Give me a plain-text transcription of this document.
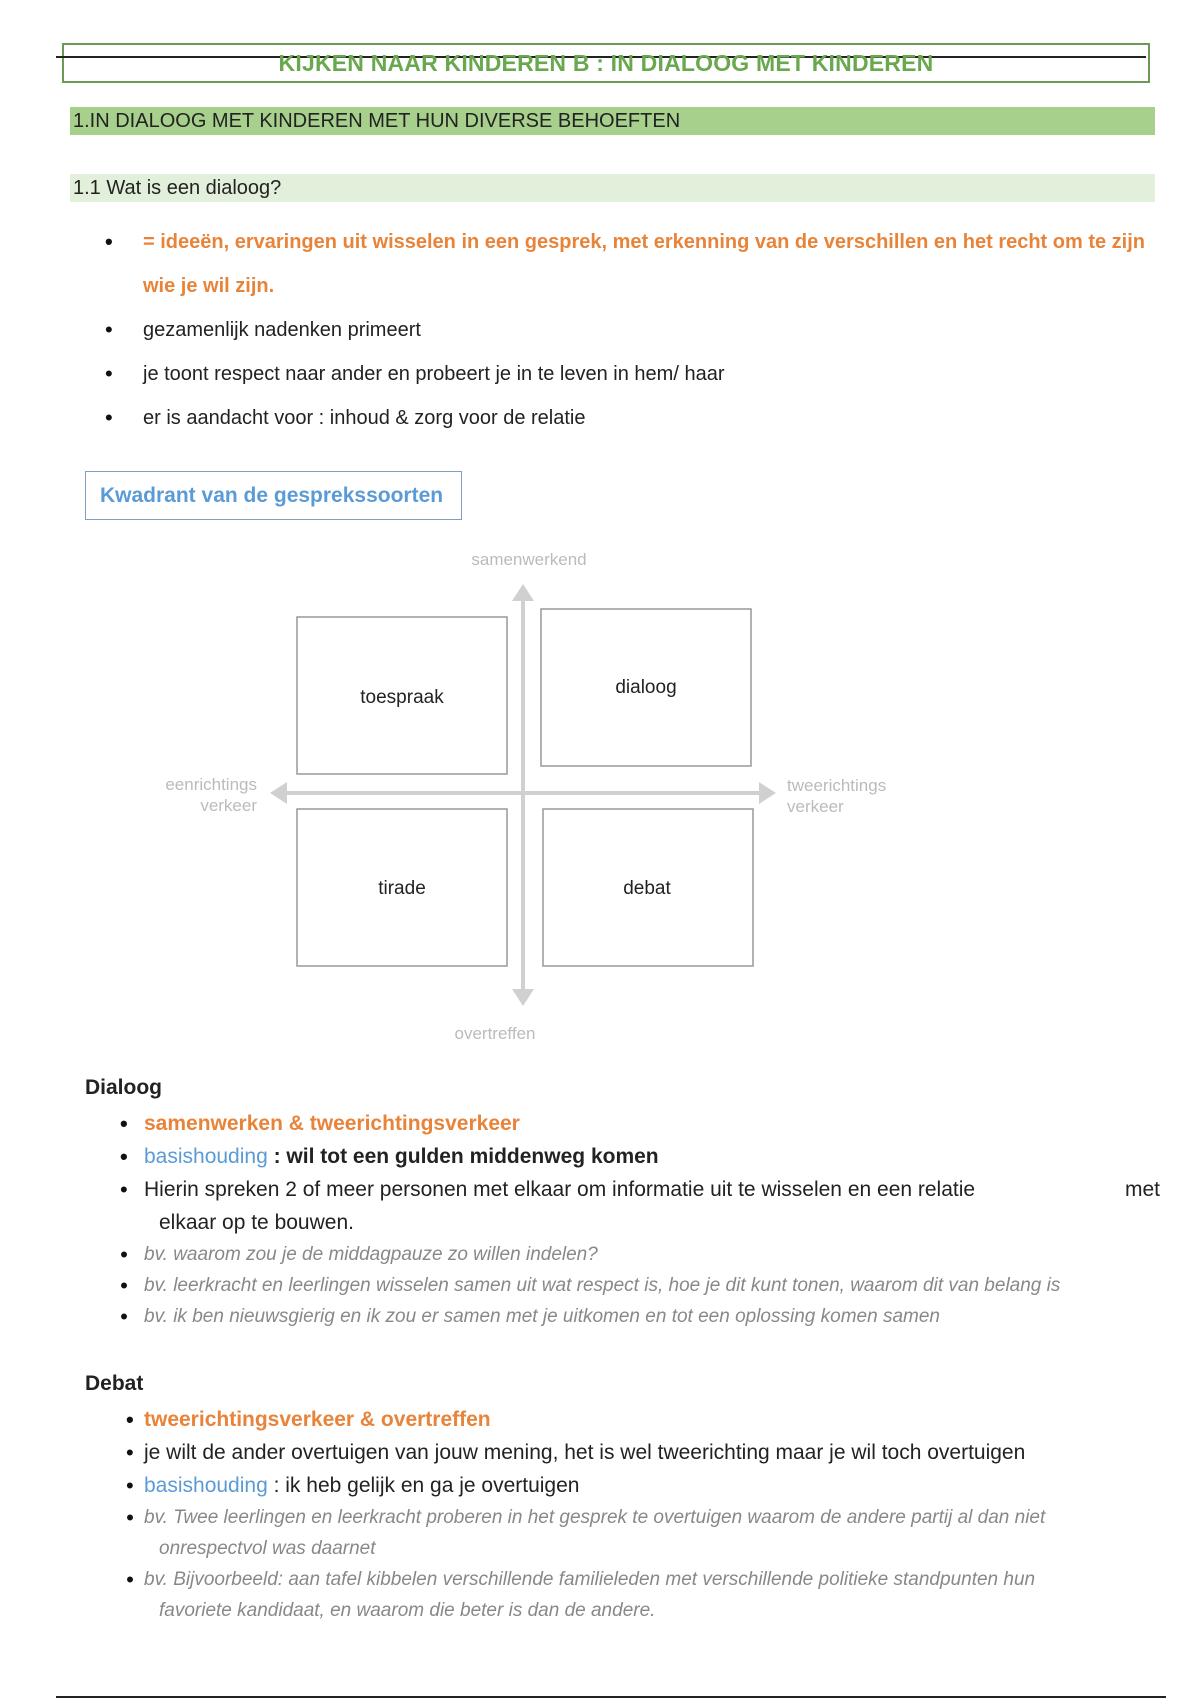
KIJKEN NAAR KINDEREN B : IN DIALOOG MET KINDEREN
1.IN DIALOOG MET KINDEREN MET HUN DIVERSE BEHOEFTEN
1.1 Wat is een dialoog?
• = ideeën, ervaringen uit wisselen in een gesprek, met erkenning van de verschillen en het recht om te zijn wie je wil zijn.
• gezamenlijk nadenken primeert
• je toont respect naar ander en probeert je in te leven in hem/ haar
• er is aandacht voor : inhoud & zorg voor de relatie
Kwadrant van de gesprekssoorten
toespraak	dialoog
tirade	debat
samenwerkend
overtreffen
eenrichtings
verkeer
tweerichtings
verkeer
Dialoog
• samenwerken & tweerichtingsverkeer
• basishouding : wil tot een gulden middenweg komen
• Hierin spreken 2 of meer personen met elkaar om informatie uit te wisselen en een relatie	met

elkaar op te bouwen.
• bv. waarom zou je de middagpauze zo willen indelen?
• bv. leerkracht en leerlingen wisselen samen uit wat respect is, hoe je dit kunt tonen, waarom dit van belang is
• bv. ik ben nieuwsgierig en ik zou er samen met je uitkomen en tot een oplossing komen samen
Debat
• tweerichtingsverkeer & overtreffen
• je wilt de ander overtuigen van jouw mening, het is wel tweerichting maar je wil toch overtuigen
• basishouding : ik heb gelijk en ga je overtuigen
• bv. Twee leerlingen en leerkracht proberen in het gesprek te overtuigen waarom de andere partij al dan niet
onrespectvol was daarnet
• bv. Bijvoorbeeld: aan tafel kibbelen verschillende familieleden met verschillende politieke standpunten hun
favoriete kandidaat, en waarom die beter is dan de andere.
